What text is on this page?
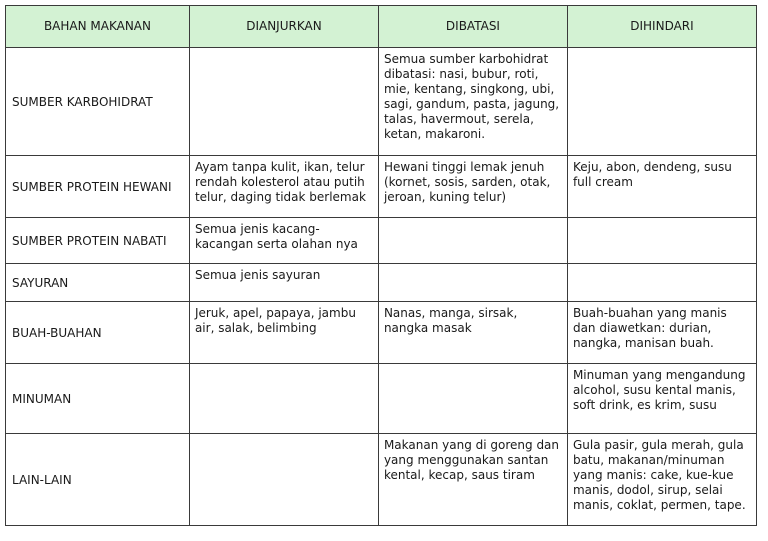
BAHAN MAKANAN	DIANJURKAN	DIBATASI	DIHINDARI
SUMBER KARBOHIDRAT		Semua sumber karbohidrat dibatasi: nasi, bubur, roti, mie, kentang, singkong, ubi, sagi, gandum, pasta, jagung, talas, havermout, serela, ketan, makaroni.	
SUMBER PROTEIN HEWANI	Ayam tanpa kulit, ikan, telur rendah kolesterol atau putih telur, daging tidak berlemak	Hewani tinggi lemak jenuh (kornet, sosis, sarden, otak, jeroan, kuning telur)	Keju, abon, dendeng, susu full cream
SUMBER PROTEIN NABATI	Semua jenis kacang-kacangan serta olahan nya		
SAYURAN	Semua jenis sayuran		
BUAH-BUAHAN	Jeruk, apel, papaya, jambu air, salak, belimbing	Nanas, manga, sirsak, nangka masak	Buah-buahan yang manis dan diawetkan: durian, nangka, manisan buah.
MINUMAN			Minuman yang mengandung alcohol, susu kental manis, soft drink, es krim, susu
LAIN-LAIN		Makanan yang di goreng dan yang menggunakan santan kental, kecap, saus tiram	Gula pasir, gula merah, gula batu, makanan/minuman yang manis: cake, kue-kue manis, dodol, sirup, selai manis, coklat, permen, tape.
